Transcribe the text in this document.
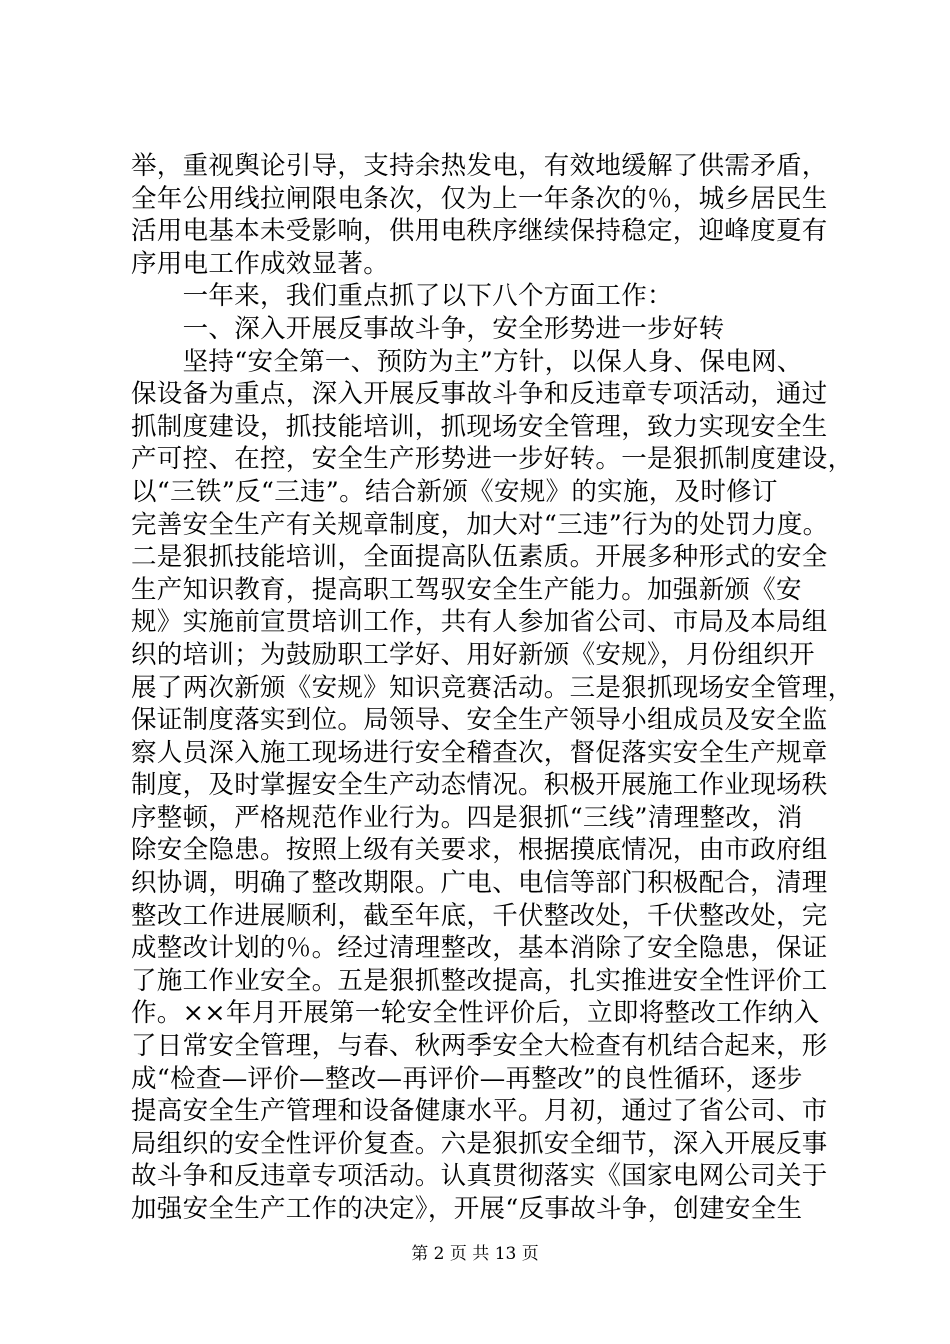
举，重视舆论引导，支持余热发电，有效地缓解了供需矛盾，
全年公用线拉闸限电条次，仅为上一年条次的％，城乡居民生
活用电基本未受影响，供用电秩序继续保持稳定，迎峰度夏有
序用电工作成效显著。
　　一年来，我们重点抓了以下八个方面工作：
　　一、深入开展反事故斗争，安全形势进一步好转
　　坚持“安全第一、预防为主”方针，以保人身、保电网、
保设备为重点，深入开展反事故斗争和反违章专项活动，通过
抓制度建设，抓技能培训，抓现场安全管理，致力实现安全生
产可控、在控，安全生产形势进一步好转。一是狠抓制度建设，
以“三铁”反“三违”。结合新颁《安规》的实施，及时修订
完善安全生产有关规章制度，加大对“三违”行为的处罚力度。
二是狠抓技能培训，全面提高队伍素质。开展多种形式的安全
生产知识教育，提高职工驾驭安全生产能力。加强新颁《安
规》实施前宣贯培训工作，共有人参加省公司、市局及本局组
织的培训；为鼓励职工学好、用好新颁《安规》，月份组织开
展了两次新颁《安规》知识竞赛活动。三是狠抓现场安全管理，
保证制度落实到位。局领导、安全生产领导小组成员及安全监
察人员深入施工现场进行安全稽查次，督促落实安全生产规章
制度，及时掌握安全生产动态情况。积极开展施工作业现场秩
序整顿，严格规范作业行为。四是狠抓“三线”清理整改，消
除安全隐患。按照上级有关要求，根据摸底情况，由市政府组
织协调，明确了整改期限。广电、电信等部门积极配合，清理
整改工作进展顺利，截至年底，千伏整改处，千伏整改处，完
成整改计划的％。经过清理整改，基本消除了安全隐患，保证
了施工作业安全。五是狠抓整改提高，扎实推进安全性评价工
作。××年月开展第一轮安全性评价后，立即将整改工作纳入
了日常安全管理，与春、秋两季安全大检查有机结合起来，形
成“检查—评价—整改—再评价—再整改”的良性循环，逐步
提高安全生产管理和设备健康水平。月初，通过了省公司、市
局组织的安全性评价复查。六是狠抓安全细节，深入开展反事
故斗争和反违章专项活动。认真贯彻落实《国家电网公司关于
加强安全生产工作的决定》，开展“反事故斗争，创建安全生
第 2 页 共 13 页
